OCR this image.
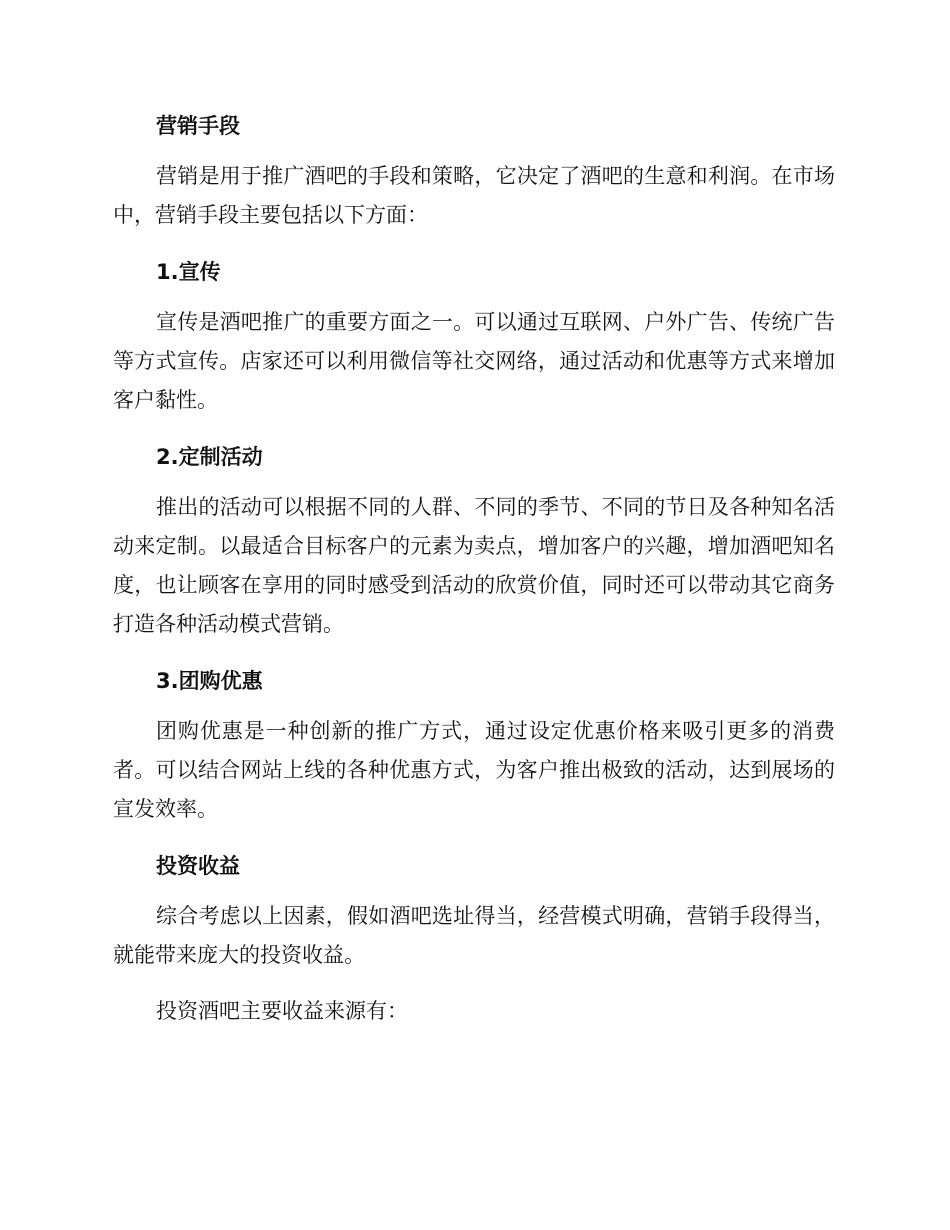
营销手段

营销是用于推广酒吧的手段和策略，它决定了酒吧的生意和利润。在市场中，营销手段主要包括以下方面：

1.宣传

宣传是酒吧推广的重要方面之一。可以通过互联网、户外广告、传统广告等方式宣传。店家还可以利用微信等社交网络，通过活动和优惠等方式来增加客户黏性。

2.定制活动

推出的活动可以根据不同的人群、不同的季节、不同的节日及各种知名活动来定制。以最适合目标客户的元素为卖点，增加客户的兴趣，增加酒吧知名度，也让顾客在享用的同时感受到活动的欣赏价值，同时还可以带动其它商务打造各种活动模式营销。

3.团购优惠

团购优惠是一种创新的推广方式，通过设定优惠价格来吸引更多的消费者。可以结合网站上线的各种优惠方式，为客户推出极致的活动，达到展场的宣发效率。

投资收益

综合考虑以上因素，假如酒吧选址得当，经营模式明确，营销手段得当，就能带来庞大的投资收益。

投资酒吧主要收益来源有：
